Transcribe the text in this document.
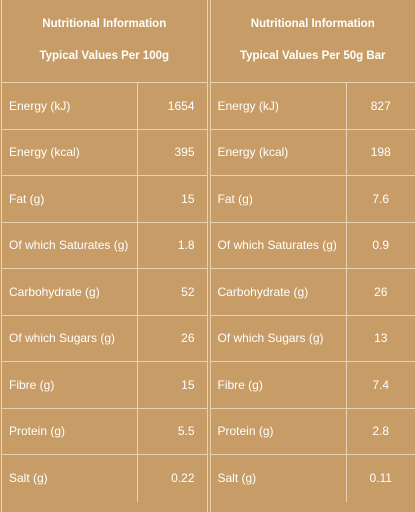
Nutritional Information
Typical Values Per 100g
Energy (kJ)	1654
Energy (kcal)	395
Fat (g)	15
Of which Saturates (g)	1.8
Carbohydrate (g)	52
Of which Sugars (g)	26
Fibre (g)	15
Protein (g)	5.5
Salt (g)	0.22
Nutritional Information
Typical Values Per 50g Bar
Energy (kJ)	827
Energy (kcal)	198
Fat (g)	7.6
Of which Saturates (g)	0.9
Carbohydrate (g)	26
Of which Sugars (g)	13
Fibre (g)	7.4
Protein (g)	2.8
Salt (g)	0.11
